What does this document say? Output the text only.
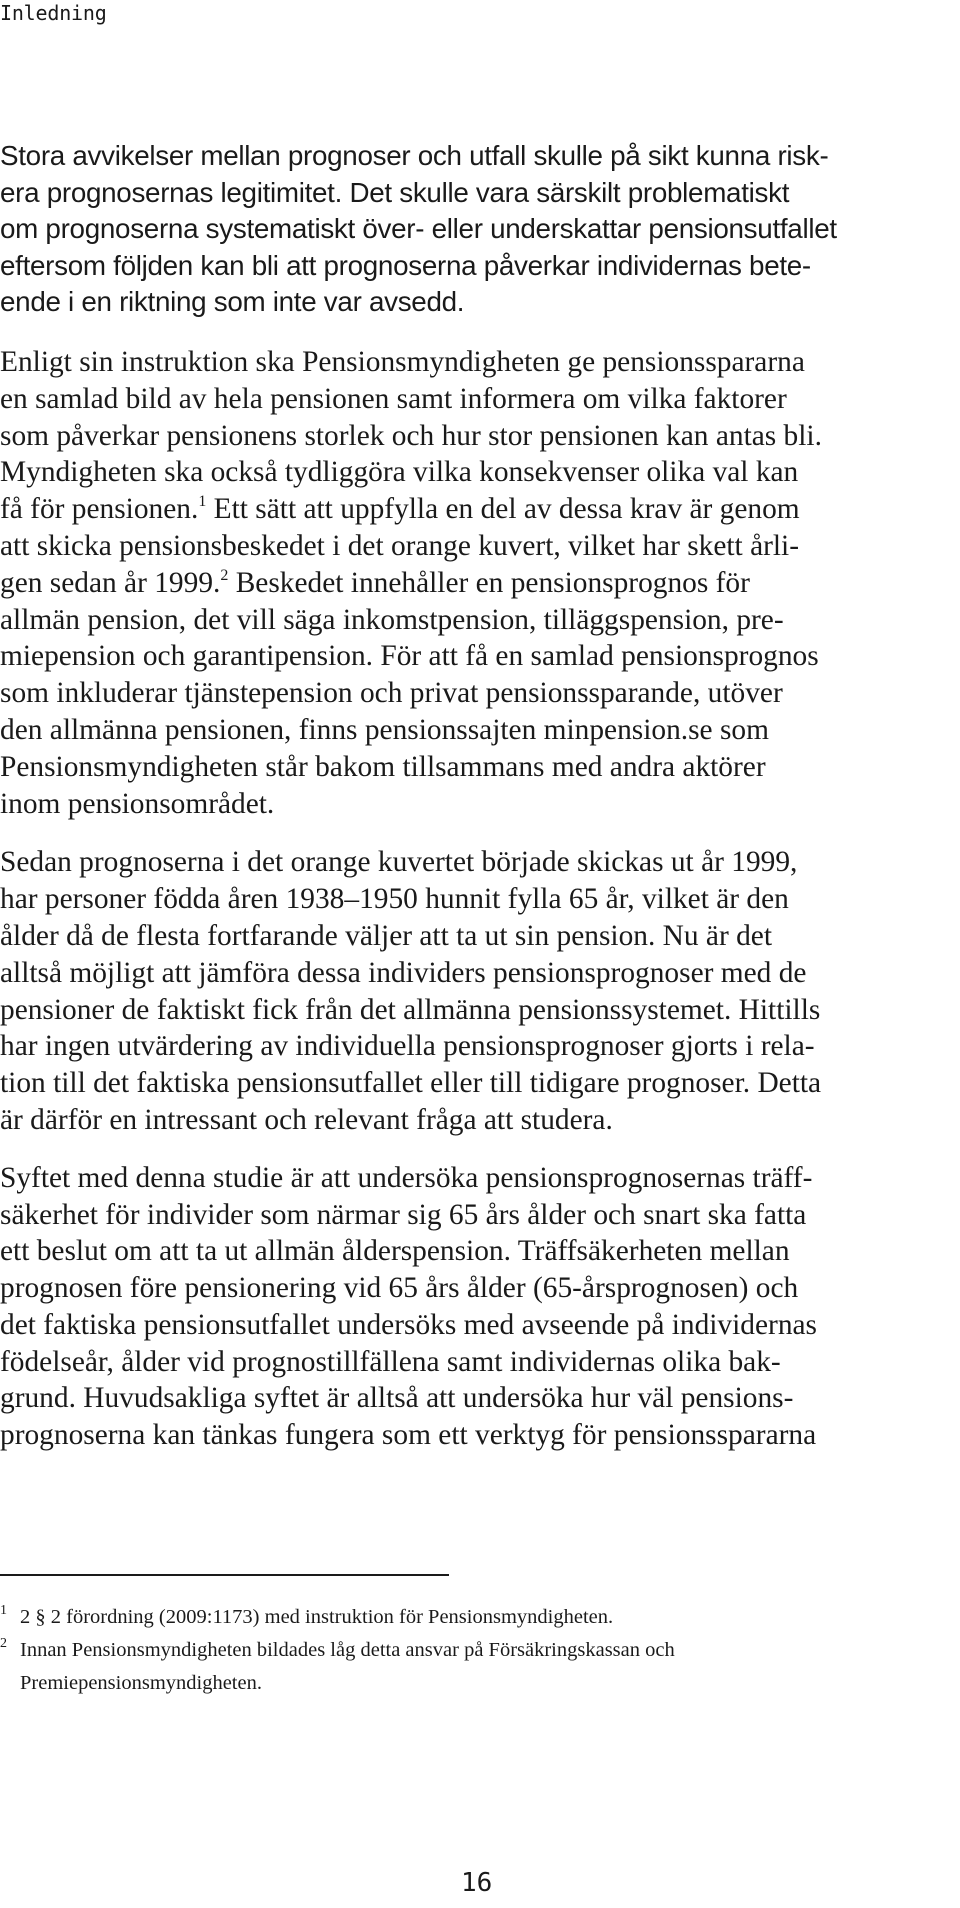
Inledning
Stora avvikelser mellan prognoser och utfall skulle på sikt kunna risk-
era prognosernas legitimitet. Det skulle vara särskilt problematiskt
om prognoserna systematiskt över- eller underskattar pensionsutfallet
eftersom följden kan bli att prognoserna påverkar individernas bete-
ende i en riktning som inte var avsedd.
Enligt sin instruktion ska Pensionsmyndigheten ge pensionsspararna
en samlad bild av hela pensionen samt informera om vilka faktorer
som påverkar pensionens storlek och hur stor pensionen kan antas bli.
Myndigheten ska också tydliggöra vilka konsekvenser olika val kan
få för pensionen.$^1$ Ett sätt att uppfylla en del av dessa krav är genom
att skicka pensionsbeskedet i det orange kuvert, vilket har skett årli-
gen sedan år 1999.$^2$ Beskedet innehåller en pensionsprognos för
allmän pension, det vill säga inkomstpension, tilläggspension, pre-
miepension och garantipension. För att få en samlad pensionsprognos
som inkluderar tjänstepension och privat pensionssparande, utöver
den allmänna pensionen, finns pensionssajten minpension.se som
Pensionsmyndigheten står bakom tillsammans med andra aktörer
inom pensionsområdet.
Sedan prognoserna i det orange kuvertet började skickas ut år 1999,
har personer födda åren 1938–1950 hunnit fylla 65 år, vilket är den
ålder då de flesta fortfarande väljer att ta ut sin pension. Nu är det
alltså möjligt att jämföra dessa individers pensionsprognoser med de
pensioner de faktiskt fick från det allmänna pensionssystemet. Hittills
har ingen utvärdering av individuella pensionsprognoser gjorts i rela-
tion till det faktiska pensionsutfallet eller till tidigare prognoser. Detta
är därför en intressant och relevant fråga att studera.
Syftet med denna studie är att undersöka pensionsprognosernas träff-
säkerhet för individer som närmar sig 65 års ålder och snart ska fatta
ett beslut om att ta ut allmän ålderspension. Träffsäkerheten mellan
prognosen före pensionering vid 65 års ålder (65-årsprognosen) och
det faktiska pensionsutfallet undersöks med avseende på individernas
födelseår, ålder vid prognostillfällena samt individernas olika bak-
grund. Huvudsakliga syftet är alltså att undersöka hur väl pensions-
prognoserna kan tänkas fungera som ett verktyg för pensionsspararna
1 2 § 2 förordning (2009:1173) med instruktion för Pensionsmyndigheten.
2 Innan Pensionsmyndigheten bildades låg detta ansvar på Försäkringskassan och
Premiepensionsmyndigheten.
16
